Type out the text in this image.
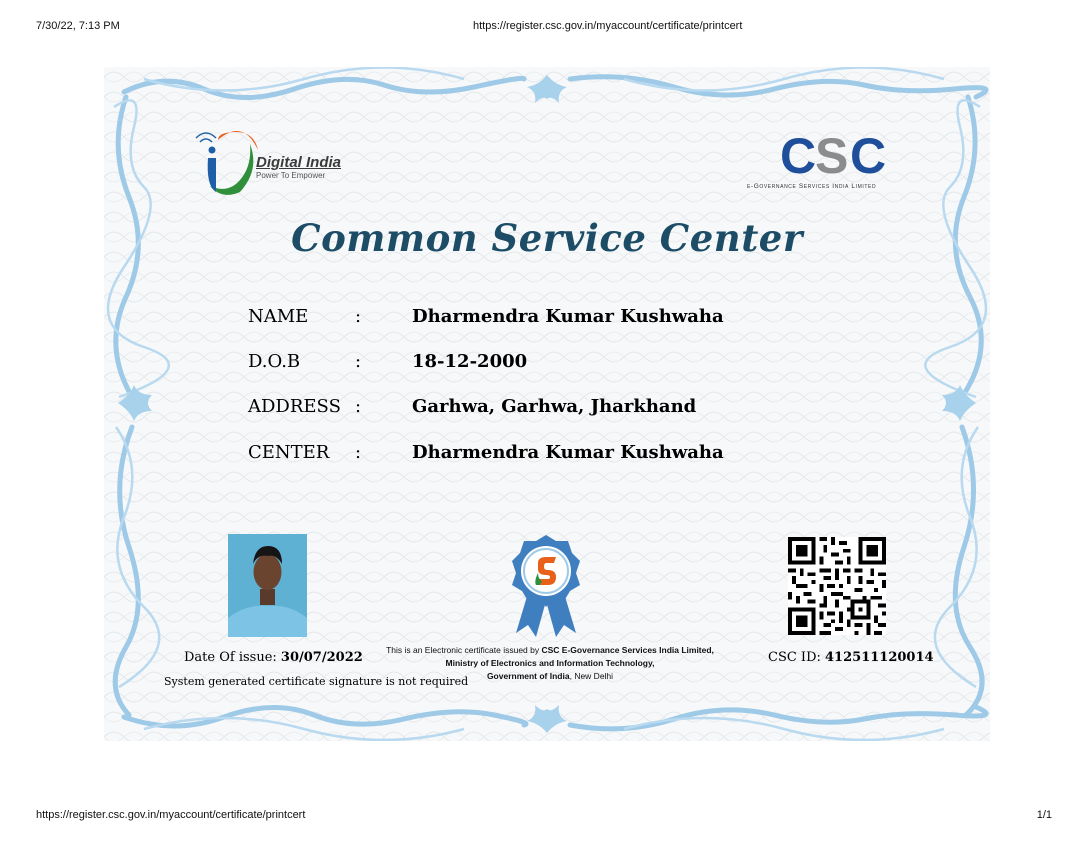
7/30/22, 7:13 PM	https://register.csc.gov.in/myaccount/certificate/printcert
Digital India
Power To Empower	C
S C
e-Governance Services India Limited
Common Service Center
NAME	:	Dharmendra Kumar Kushwaha
D.O.B	:	18-12-2000
ADDRESS :	Garhwa, Garhwa, Jharkhand
CENTER :	Dharmendra Kumar Kushwaha
Date Of issue: 30/07/2022
System generated certificate signature is not required
This is an Electronic certificate issued by CSC E-Governance Services India Limited,
Ministry of Electronics and Information Technology,
Government of India, New Delhi
CSC ID: 412511120014
https://register.csc.gov.in/myaccount/certificate/printcert	1/1
